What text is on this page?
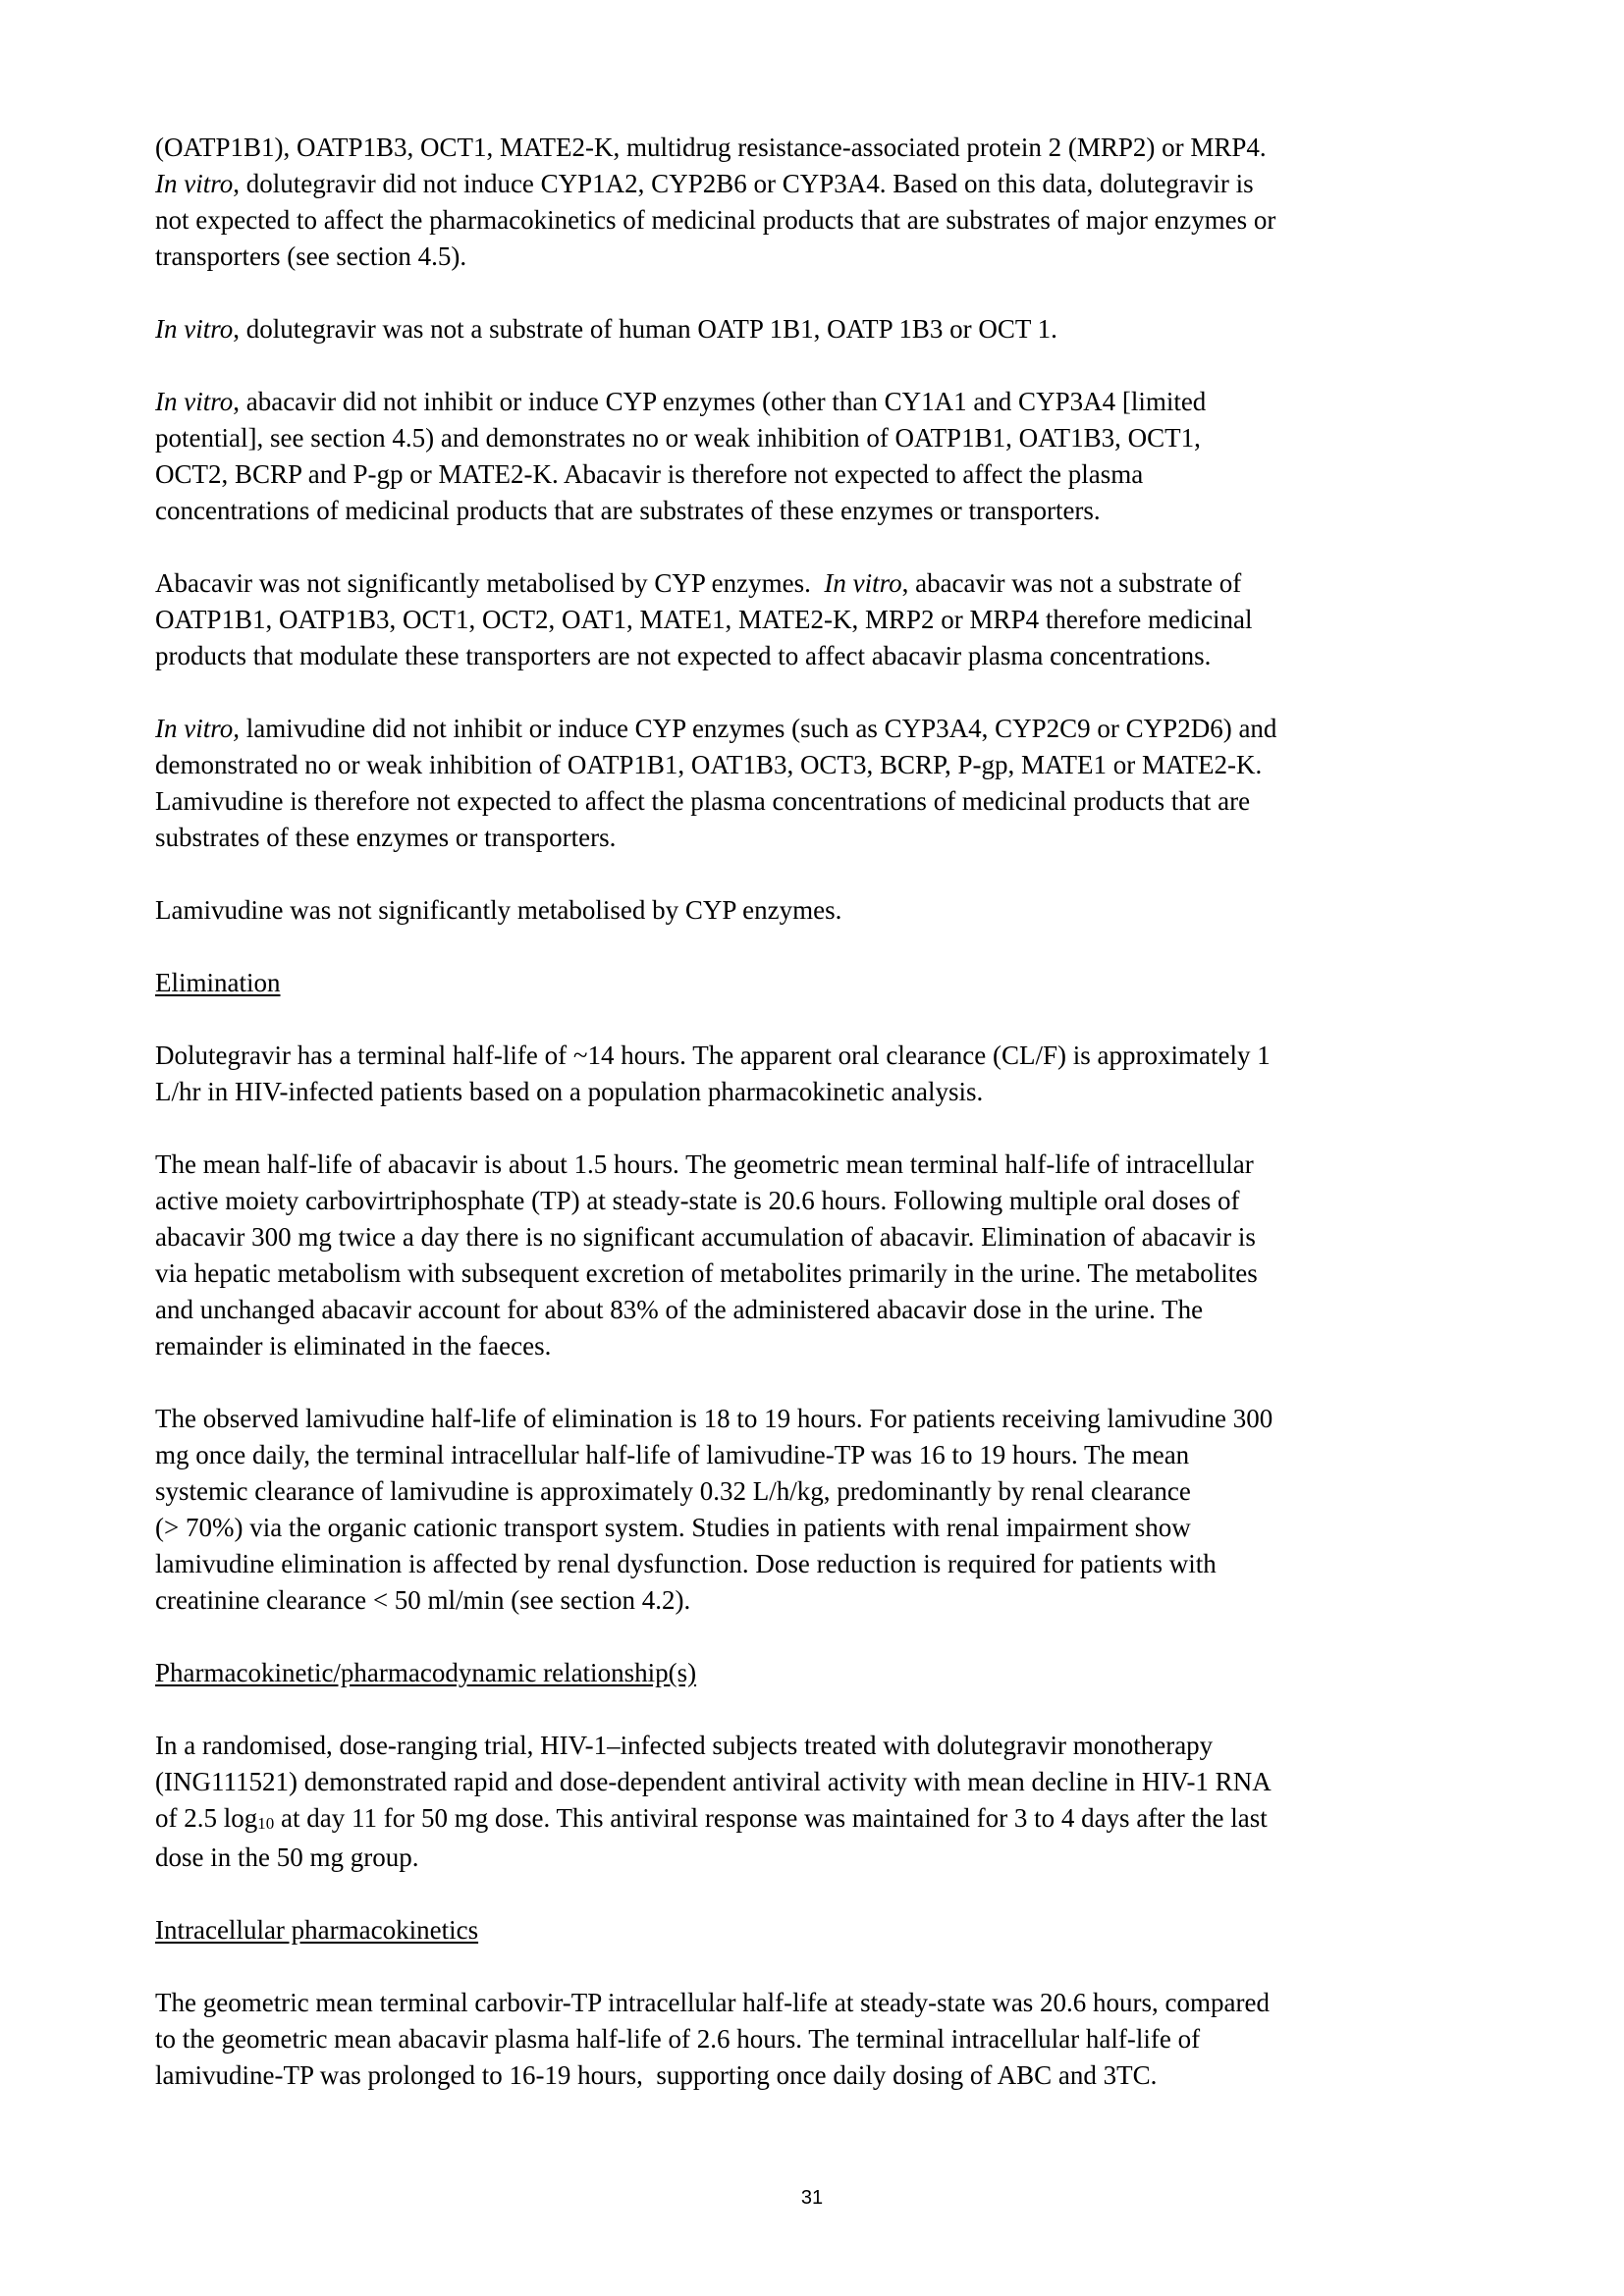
(OATP1B1), OATP1B3, OCT1, MATE2-K, multidrug resistance-associated protein 2 (MRP2) or MRP4.
In vitro, dolutegravir did not induce CYP1A2, CYP2B6 or CYP3A4. Based on this data, dolutegravir is
not expected to affect the pharmacokinetics of medicinal products that are substrates of major enzymes or
transporters (see section 4.5).

In vitro, dolutegravir was not a substrate of human OATP 1B1, OATP 1B3 or OCT 1.

In vitro, abacavir did not inhibit or induce CYP enzymes (other than CY1A1 and CYP3A4 [limited
potential], see section 4.5) and demonstrates no or weak inhibition of OATP1B1, OAT1B3, OCT1,
OCT2, BCRP and P-gp or MATE2-K. Abacavir is therefore not expected to affect the plasma
concentrations of medicinal products that are substrates of these enzymes or transporters.

Abacavir was not significantly metabolised by CYP enzymes.  In vitro, abacavir was not a substrate of
OATP1B1, OATP1B3, OCT1, OCT2, OAT1, MATE1, MATE2-K, MRP2 or MRP4 therefore medicinal
products that modulate these transporters are not expected to affect abacavir plasma concentrations.

In vitro, lamivudine did not inhibit or induce CYP enzymes (such as CYP3A4, CYP2C9 or CYP2D6) and
demonstrated no or weak inhibition of OATP1B1, OAT1B3, OCT3, BCRP, P-gp, MATE1 or MATE2-K.
Lamivudine is therefore not expected to affect the plasma concentrations of medicinal products that are
substrates of these enzymes or transporters.

Lamivudine was not significantly metabolised by CYP enzymes.

Elimination

Dolutegravir has a terminal half-life of ~14 hours. The apparent oral clearance (CL/F) is approximately 1
L/hr in HIV-infected patients based on a population pharmacokinetic analysis.

The mean half-life of abacavir is about 1.5 hours. The geometric mean terminal half-life of intracellular
active moiety carbovirtriphosphate (TP) at steady-state is 20.6 hours. Following multiple oral doses of
abacavir 300 mg twice a day there is no significant accumulation of abacavir. Elimination of abacavir is
via hepatic metabolism with subsequent excretion of metabolites primarily in the urine. The metabolites
and unchanged abacavir account for about 83% of the administered abacavir dose in the urine. The
remainder is eliminated in the faeces.

The observed lamivudine half-life of elimination is 18 to 19 hours. For patients receiving lamivudine 300
mg once daily, the terminal intracellular half-life of lamivudine-TP was 16 to 19 hours. The mean
systemic clearance of lamivudine is approximately 0.32 L/h/kg, predominantly by renal clearance
(> 70%) via the organic cationic transport system. Studies in patients with renal impairment show
lamivudine elimination is affected by renal dysfunction. Dose reduction is required for patients with
creatinine clearance < 50 ml/min (see section 4.2).

Pharmacokinetic/pharmacodynamic relationship(s)

In a randomised, dose-ranging trial, HIV-1–infected subjects treated with dolutegravir monotherapy
(ING111521) demonstrated rapid and dose-dependent antiviral activity with mean decline in HIV-1 RNA
of 2.5 $\log_{10}$ at day 11 for 50 mg dose. This antiviral response was maintained for 3 to 4 days after the last
dose in the 50 mg group.

Intracellular pharmacokinetics

The geometric mean terminal carbovir-TP intracellular half-life at steady-state was 20.6 hours, compared
to the geometric mean abacavir plasma half-life of 2.6 hours. The terminal intracellular half-life of
lamivudine-TP was prolonged to 16-19 hours,  supporting once daily dosing of ABC and 3TC.

31
